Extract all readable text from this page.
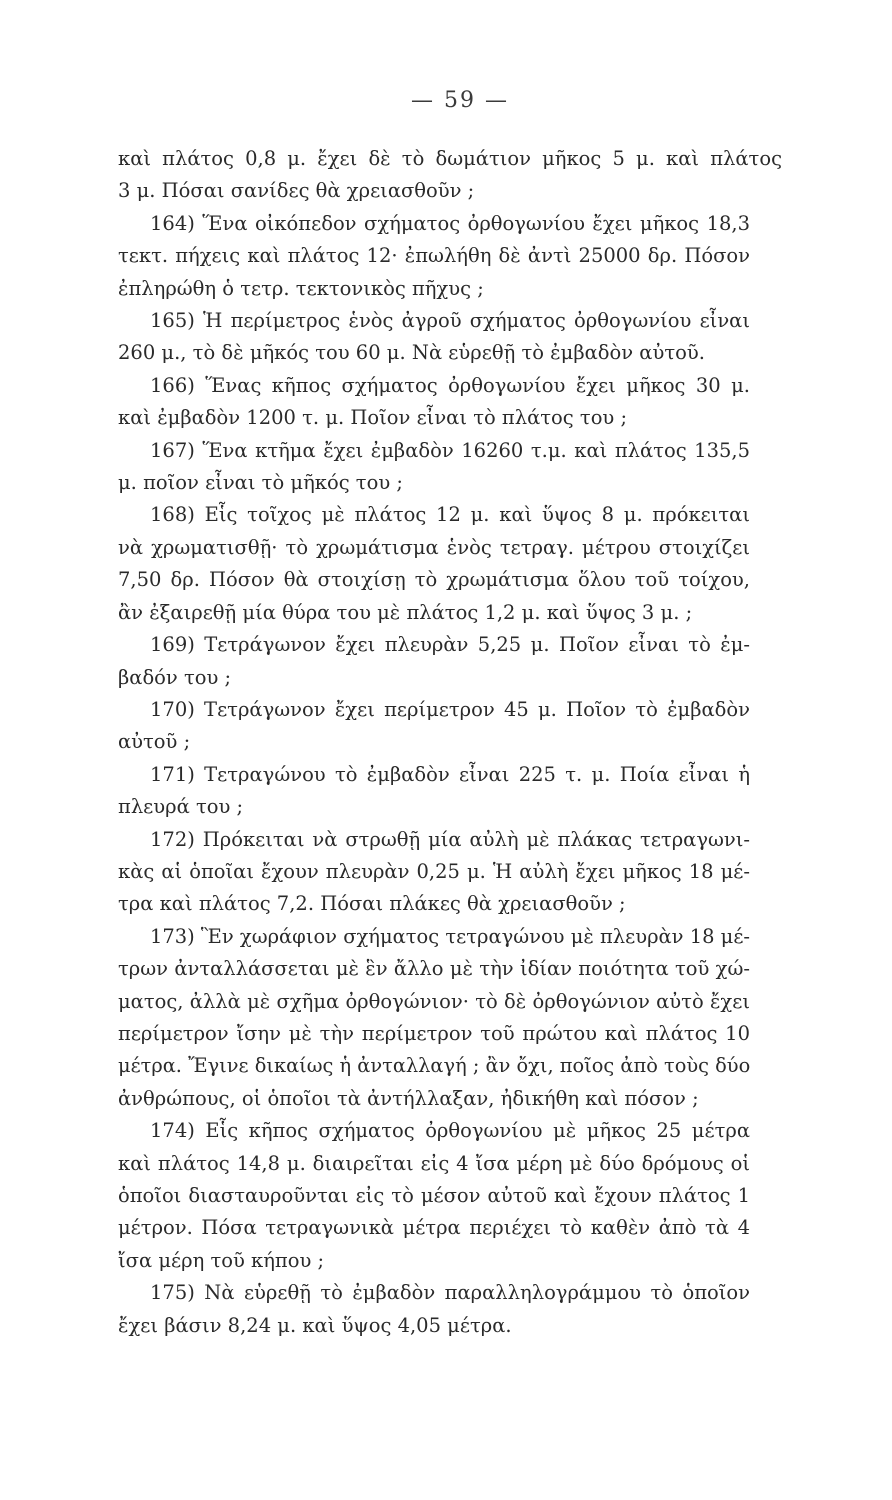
— 59 —

καὶ πλάτος 0,8 μ. ἔχει δὲ τὸ δωμάτιον μῆκος 5 μ. καὶ πλάτος
3 μ. Πόσαι σανίδες θὰ χρειασθοῦν ;

164) Ἕνα οἰκόπεδον σχήματος ὀρθογωνίου ἔχει μῆκος 18,3
τεκτ. πήχεις καὶ πλάτος 12· ἐπωλήθη δὲ ἀντὶ 25000 δρ. Πόσον
ἐπληρώθη ὁ τετρ. τεκτονικὸς πῆχυς ;

165) Ἡ περίμετρος ἑνὸς ἀγροῦ σχήματος ὀρθογωνίου εἶναι
260 μ., τὸ δὲ μῆκός του 60 μ. Νὰ εὑρεθῇ τὸ ἐμβαδὸν αὐτοῦ.

166) Ἕνας κῆπος σχήματος ὀρθογωνίου ἔχει μῆκος 30 μ.
καὶ ἐμβαδὸν 1200 τ. μ. Ποῖον εἶναι τὸ πλάτος του ;

167) Ἕνα κτῆμα ἔχει ἐμβαδὸν 16260 τ.μ. καὶ πλάτος 135,5
μ. ποῖον εἶναι τὸ μῆκός του ;

168) Εἷς τοῖχος μὲ πλάτος 12 μ. καὶ ὕψος 8 μ. πρόκειται
νὰ χρωματισθῇ· τὸ χρωμάτισμα ἑνὸς τετραγ. μέτρου στοιχίζει
7,50 δρ. Πόσον θὰ στοιχίσῃ τὸ χρωμάτισμα ὅλου τοῦ τοίχου,
ἂν ἐξαιρεθῇ μία θύρα του μὲ πλάτος 1,2 μ. καὶ ὕψος 3 μ. ;

169) Τετράγωνον ἔχει πλευρὰν 5,25 μ. Ποῖον εἶναι τὸ ἐμ-
βαδόν του ;

170) Τετράγωνον ἔχει περίμετρον 45 μ. Ποῖον τὸ ἐμβαδὸν
αὐτοῦ ;

171) Τετραγώνου τὸ ἐμβαδὸν εἶναι 225 τ. μ. Ποία εἶναι ἡ
πλευρά του ;

172) Πρόκειται νὰ στρωθῇ μία αὐλὴ μὲ πλάκας τετραγωνι-
κὰς αἱ ὁποῖαι ἔχουν πλευρὰν 0,25 μ. Ἡ αὐλὴ ἔχει μῆκος 18 μέ-
τρα καὶ πλάτος 7,2. Πόσαι πλάκες θὰ χρειασθοῦν ;

173) Ἓν χωράφιον σχήματος τετραγώνου μὲ πλευρὰν 18 μέ-
τρων ἀνταλλάσσεται μὲ ἓν ἄλλο μὲ τὴν ἰδίαν ποιότητα τοῦ χώ-
ματος, ἀλλὰ μὲ σχῆμα ὀρθογώνιον· τὸ δὲ ὀρθογώνιον αὐτὸ ἔχει
περίμετρον ἴσην μὲ τὴν περίμετρον τοῦ πρώτου καὶ πλάτος 10
μέτρα. Ἔγινε δικαίως ἡ ἀνταλλαγή ; ἂν ὄχι, ποῖος ἀπὸ τοὺς δύο
ἀνθρώπους, οἱ ὁποῖοι τὰ ἀντήλλαξαν, ἠδικήθη καὶ πόσον ;

174) Εἷς κῆπος σχήματος ὀρθογωνίου μὲ μῆκος 25 μέτρα
καὶ πλάτος 14,8 μ. διαιρεῖται εἰς 4 ἴσα μέρη μὲ δύο δρόμους οἱ
ὁποῖοι διασταυροῦνται εἰς τὸ μέσον αὐτοῦ καὶ ἔχουν πλάτος 1
μέτρον. Πόσα τετραγωνικὰ μέτρα περιέχει τὸ καθὲν ἀπὸ τὰ 4
ἴσα μέρη τοῦ κήπου ;

175) Νὰ εὑρεθῇ τὸ ἐμβαδὸν παραλληλογράμμου τὸ ὁποῖον
ἔχει βάσιν 8,24 μ. καὶ ὕψος 4,05 μέτρα.
